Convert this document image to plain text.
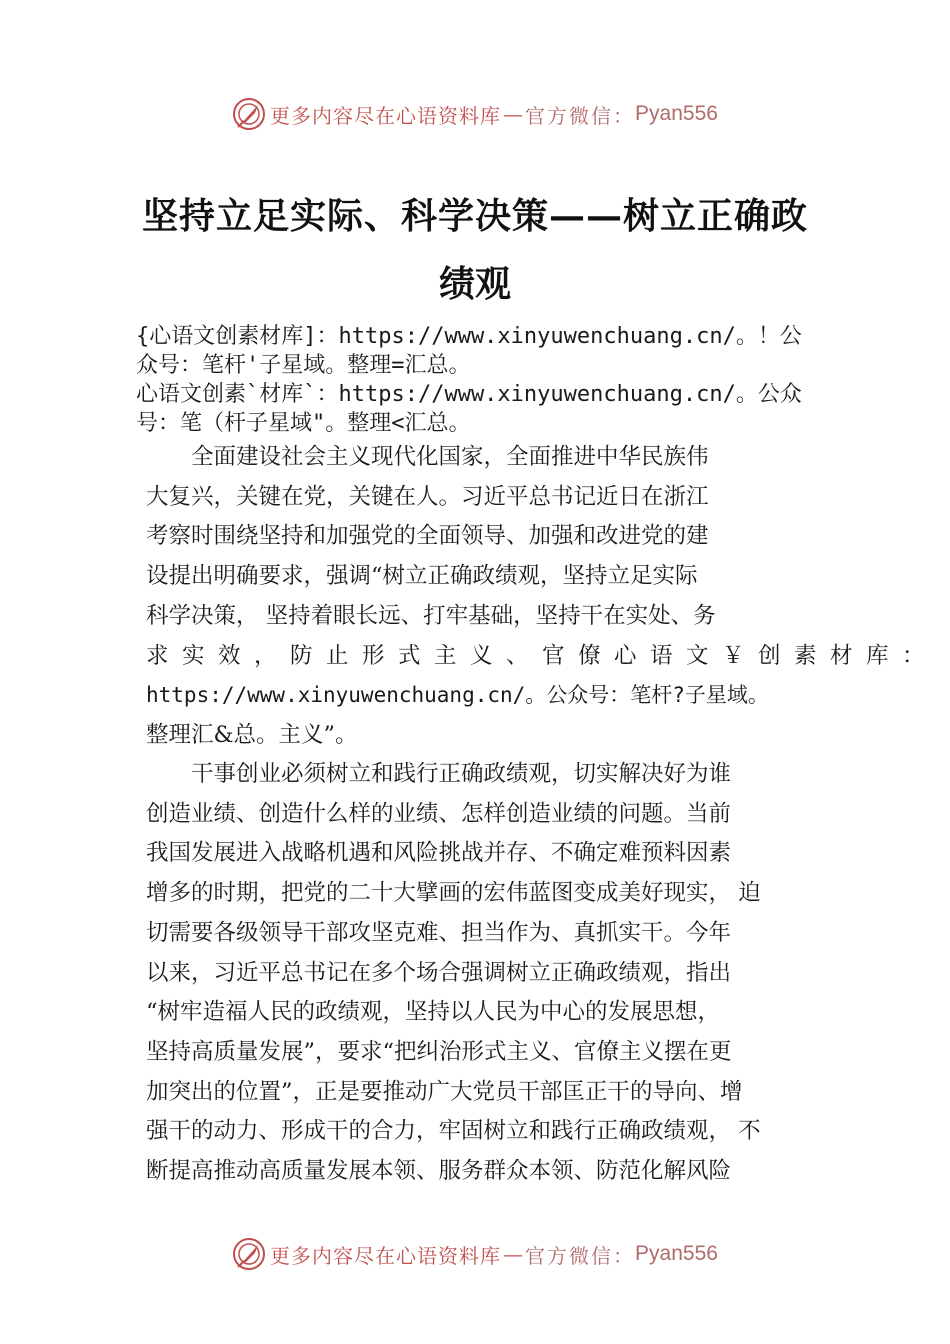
更多内容尽在心语资料库 — 官方微信： Pyan556
坚持立足实际、科学决策——树立正确政
绩观
{心语文创素材库]：https://www.xinyuwenchuang.cn/。！公
众号：笔杆'子星域。整理=汇总。
心语文创素`材库`：https://www.xinyuwenchuang.cn/。公众
号：笔（杆子星域"。整理<汇总。
全面建设社会主义现代化国家，全面推进中华民族伟
大复兴，关键在党，关键在人。习近平总书记近日在浙江
考察时围绕坚持和加强党的全面领导、加强和改进党的建
设提出明确要求，强调“树立正确政绩观，坚持立足实际
科学决策， 坚持着眼长远、打牢基础，坚持干在实处、务
求实效，防止形式主义、官僚心语文￥创素材库：
https://www.xinyuwenchuang.cn/。公众号：笔杆?子星域。
整理汇&总。主义”。
干事创业必须树立和践行正确政绩观，切实解决好为谁
创造业绩、创造什么样的业绩、怎样创造业绩的问题。当前
我国发展进入战略机遇和风险挑战并存、不确定难预料因素
增多的时期，把党的二十大擘画的宏伟蓝图变成美好现实， 迫
切需要各级领导干部攻坚克难、担当作为、真抓实干。今年
以来，习近平总书记在多个场合强调树立正确政绩观，指出
“树牢造福人民的政绩观，坚持以人民为中心的发展思想，
坚持高质量发展”，要求“把纠治形式主义、官僚主义摆在更
加突出的位置”，正是要推动广大党员干部匡正干的导向、增
强干的动力、形成干的合力，牢固树立和践行正确政绩观， 不
断提高推动高质量发展本领、服务群众本领、防范化解风险
更多内容尽在心语资料库 — 官方微信： Pyan556
